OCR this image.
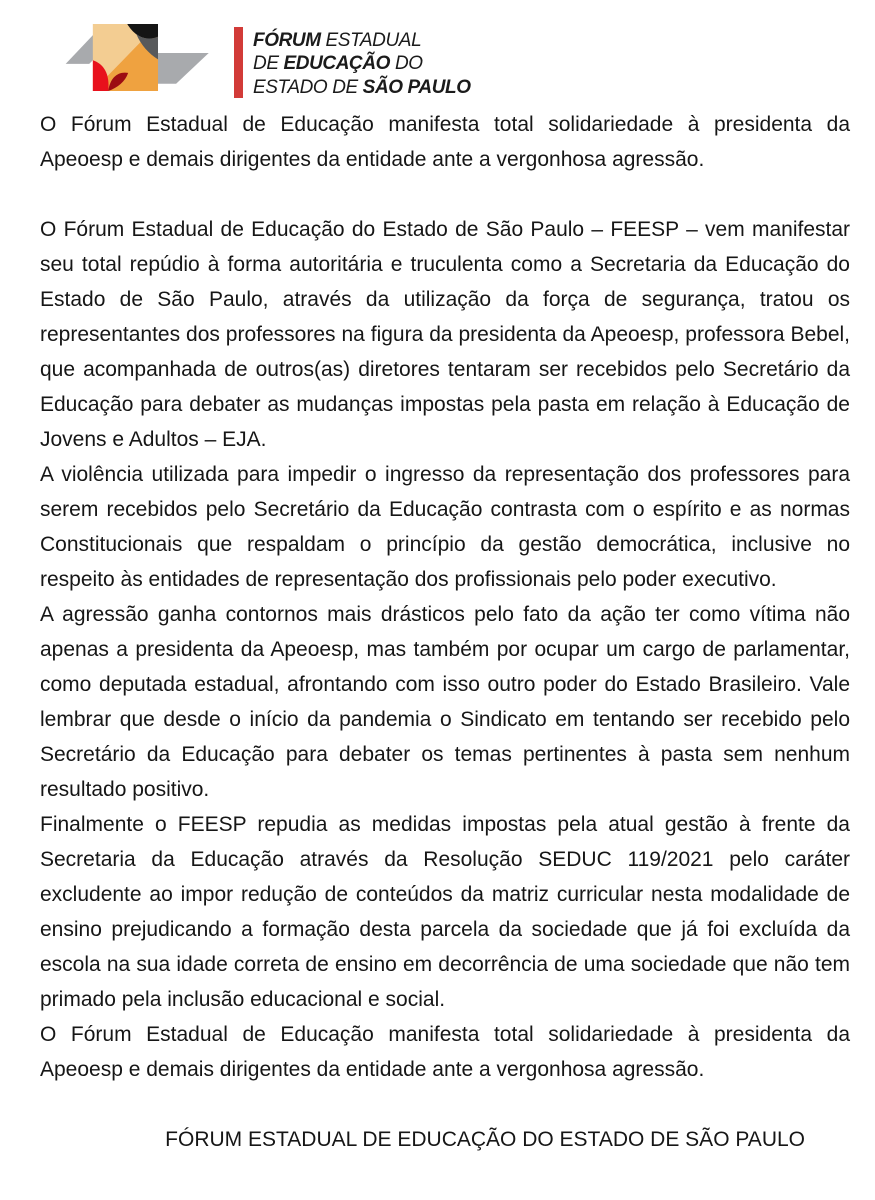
FÓRUM ESTADUAL
DE EDUCAÇÃO DO
ESTADO DE SÃO PAULO

O Fórum Estadual de Educação manifesta total solidariedade à presidenta da Apeoesp e demais dirigentes da entidade ante a vergonhosa agressão.

O Fórum Estadual de Educação do Estado de São Paulo – FEESP – vem manifestar seu total repúdio à forma autoritária e truculenta como a Secretaria da Educação do Estado de São Paulo, através da utilização da força de segurança, tratou os representantes dos professores na figura da presidenta da Apeoesp, professora Bebel, que acompanhada de outros(as) diretores tentaram ser recebidos pelo Secretário da Educação para debater as mudanças impostas pela pasta em relação à Educação de Jovens e Adultos – EJA.

A violência utilizada para impedir o ingresso da representação dos professores para serem recebidos pelo Secretário da Educação contrasta com o espírito e as normas Constitucionais que respaldam o princípio da gestão democrática, inclusive no respeito às entidades de representação dos profissionais pelo poder executivo.

A agressão ganha contornos mais drásticos pelo fato da ação ter como vítima não apenas a presidenta da Apeoesp, mas também por ocupar um cargo de parlamentar, como deputada estadual, afrontando com isso outro poder do Estado Brasileiro. Vale lembrar que desde o início da pandemia o Sindicato em tentando ser recebido pelo Secretário da Educação para debater os temas pertinentes à pasta sem nenhum resultado positivo.

Finalmente o FEESP repudia as medidas impostas pela atual gestão à frente da Secretaria da Educação através da Resolução SEDUC 119/2021 pelo caráter excludente ao impor redução de conteúdos da matriz curricular nesta modalidade de ensino prejudicando a formação desta parcela da sociedade que já foi excluída da escola na sua idade correta de ensino em decorrência de uma sociedade que não tem primado pela inclusão educacional e social.

O Fórum Estadual de Educação manifesta total solidariedade à presidenta da Apeoesp e demais dirigentes da entidade ante a vergonhosa agressão.

FÓRUM ESTADUAL DE EDUCAÇÃO DO ESTADO DE SÃO PAULO
